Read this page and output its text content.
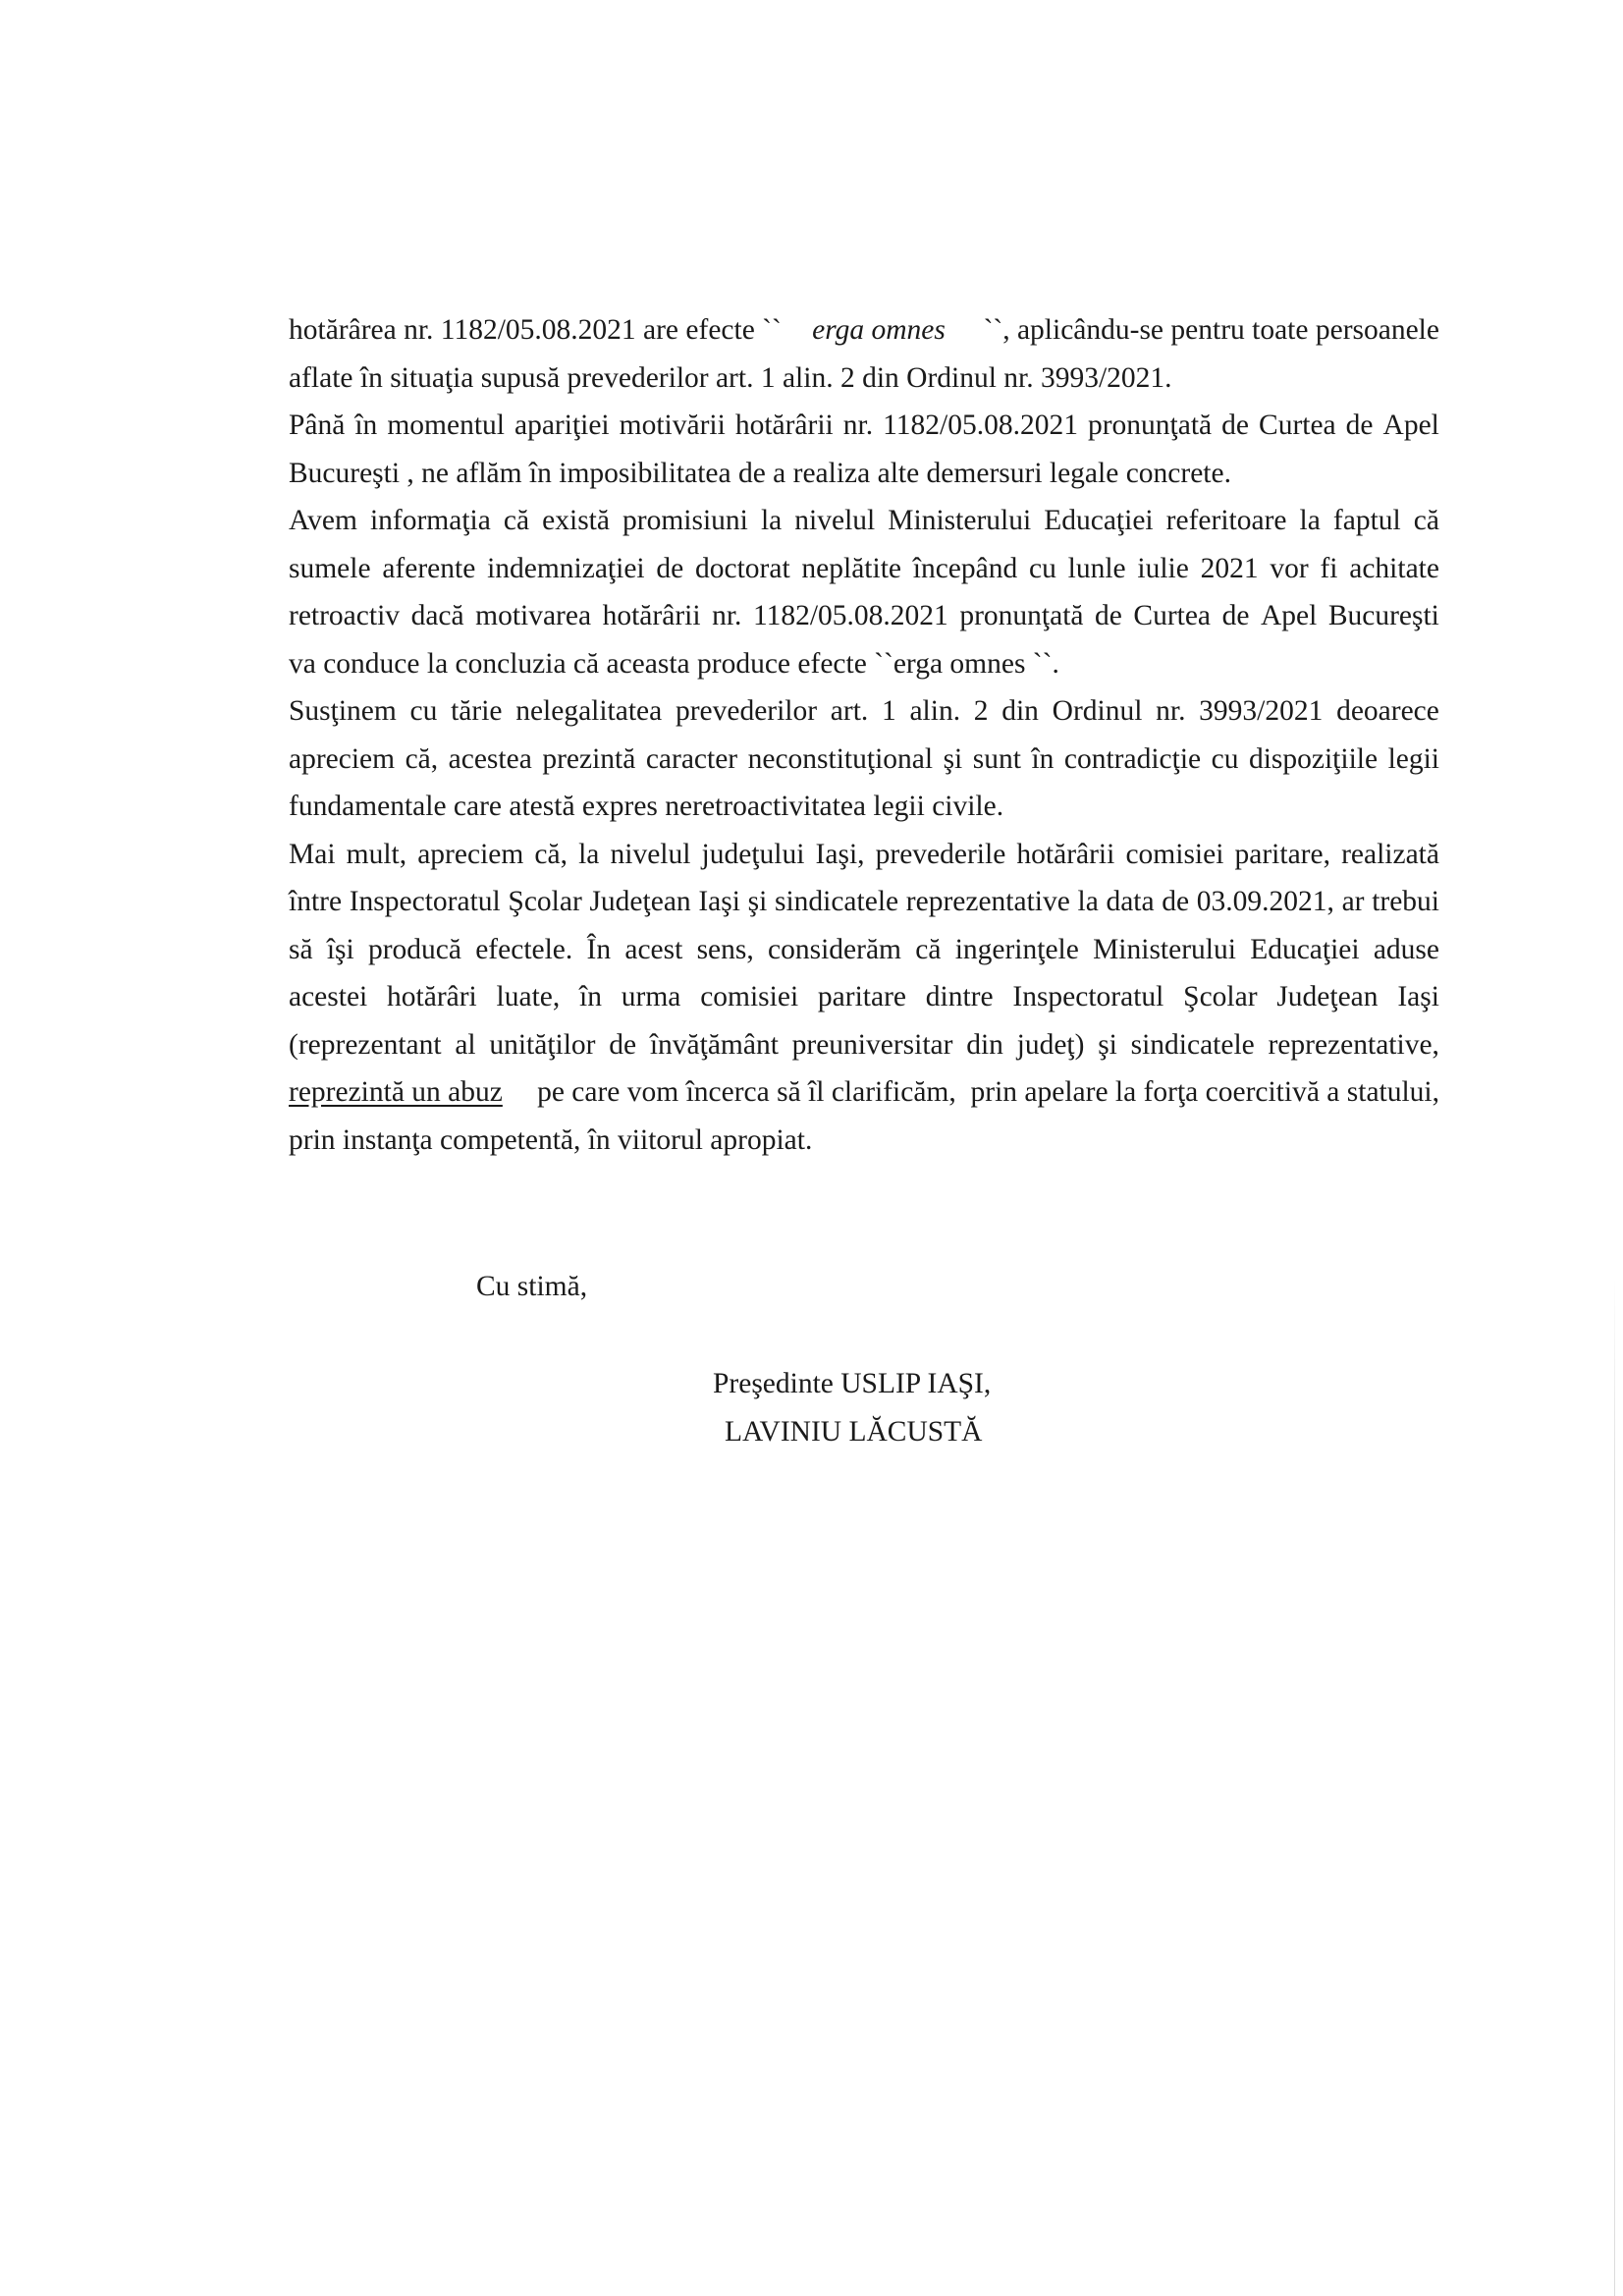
hotărârea nr. 1182/05.08.2021 are efecte `` erga omnes ``, aplicându-se pentru toate persoanele
aflate în situaţia supusă prevederilor art. 1 alin. 2 din Ordinul nr. 3993/2021.
Până în momentul apariţiei motivării hotărârii nr. 1182/05.08.2021 pronunţată de Curtea de Apel
Bucureşti , ne aflăm în imposibilitatea de a realiza alte demersuri legale concrete.
Avem informaţia că există promisiuni la nivelul Ministerului Educaţiei referitoare la faptul că
sumele aferente indemnizaţiei de doctorat neplătite începând cu lunle iulie 2021 vor fi achitate
retroactiv dacă motivarea hotărârii nr. 1182/05.08.2021 pronunţată de Curtea de Apel Bucureşti
va conduce la concluzia că aceasta produce efecte ``erga omnes ``.
Susţinem cu tărie nelegalitatea prevederilor art. 1 alin. 2 din Ordinul nr. 3993/2021 deoarece
apreciem că, acestea prezintă caracter neconstituţional şi sunt în contradicţie cu dispoziţiile legii
fundamentale care atestă expres neretroactivitatea legii civile.
Mai mult, apreciem că, la nivelul judeţului Iaşi, prevederile hotărârii comisiei paritare, realizată
între Inspectoratul Şcolar Judeţean Iaşi şi sindicatele reprezentative la data de 03.09.2021, ar trebui
să îşi producă efectele. În acest sens, considerăm că ingerinţele Ministerului Educaţiei aduse
acestei hotărâri luate, în urma comisiei paritare dintre Inspectoratul Şcolar Judeţean Iaşi
(reprezentant al unităţilor de învăţământ preuniversitar din judeţ) şi sindicatele reprezentative,
reprezintă un abuz pe care vom încerca să îl clarificăm,  prin apelare la forţa coercitivă a statului,
prin instanţa competentă, în viitorul apropiat.
Cu stimă,
Preşedinte USLIP IAŞI,
LAVINIU LĂCUSTĂ
